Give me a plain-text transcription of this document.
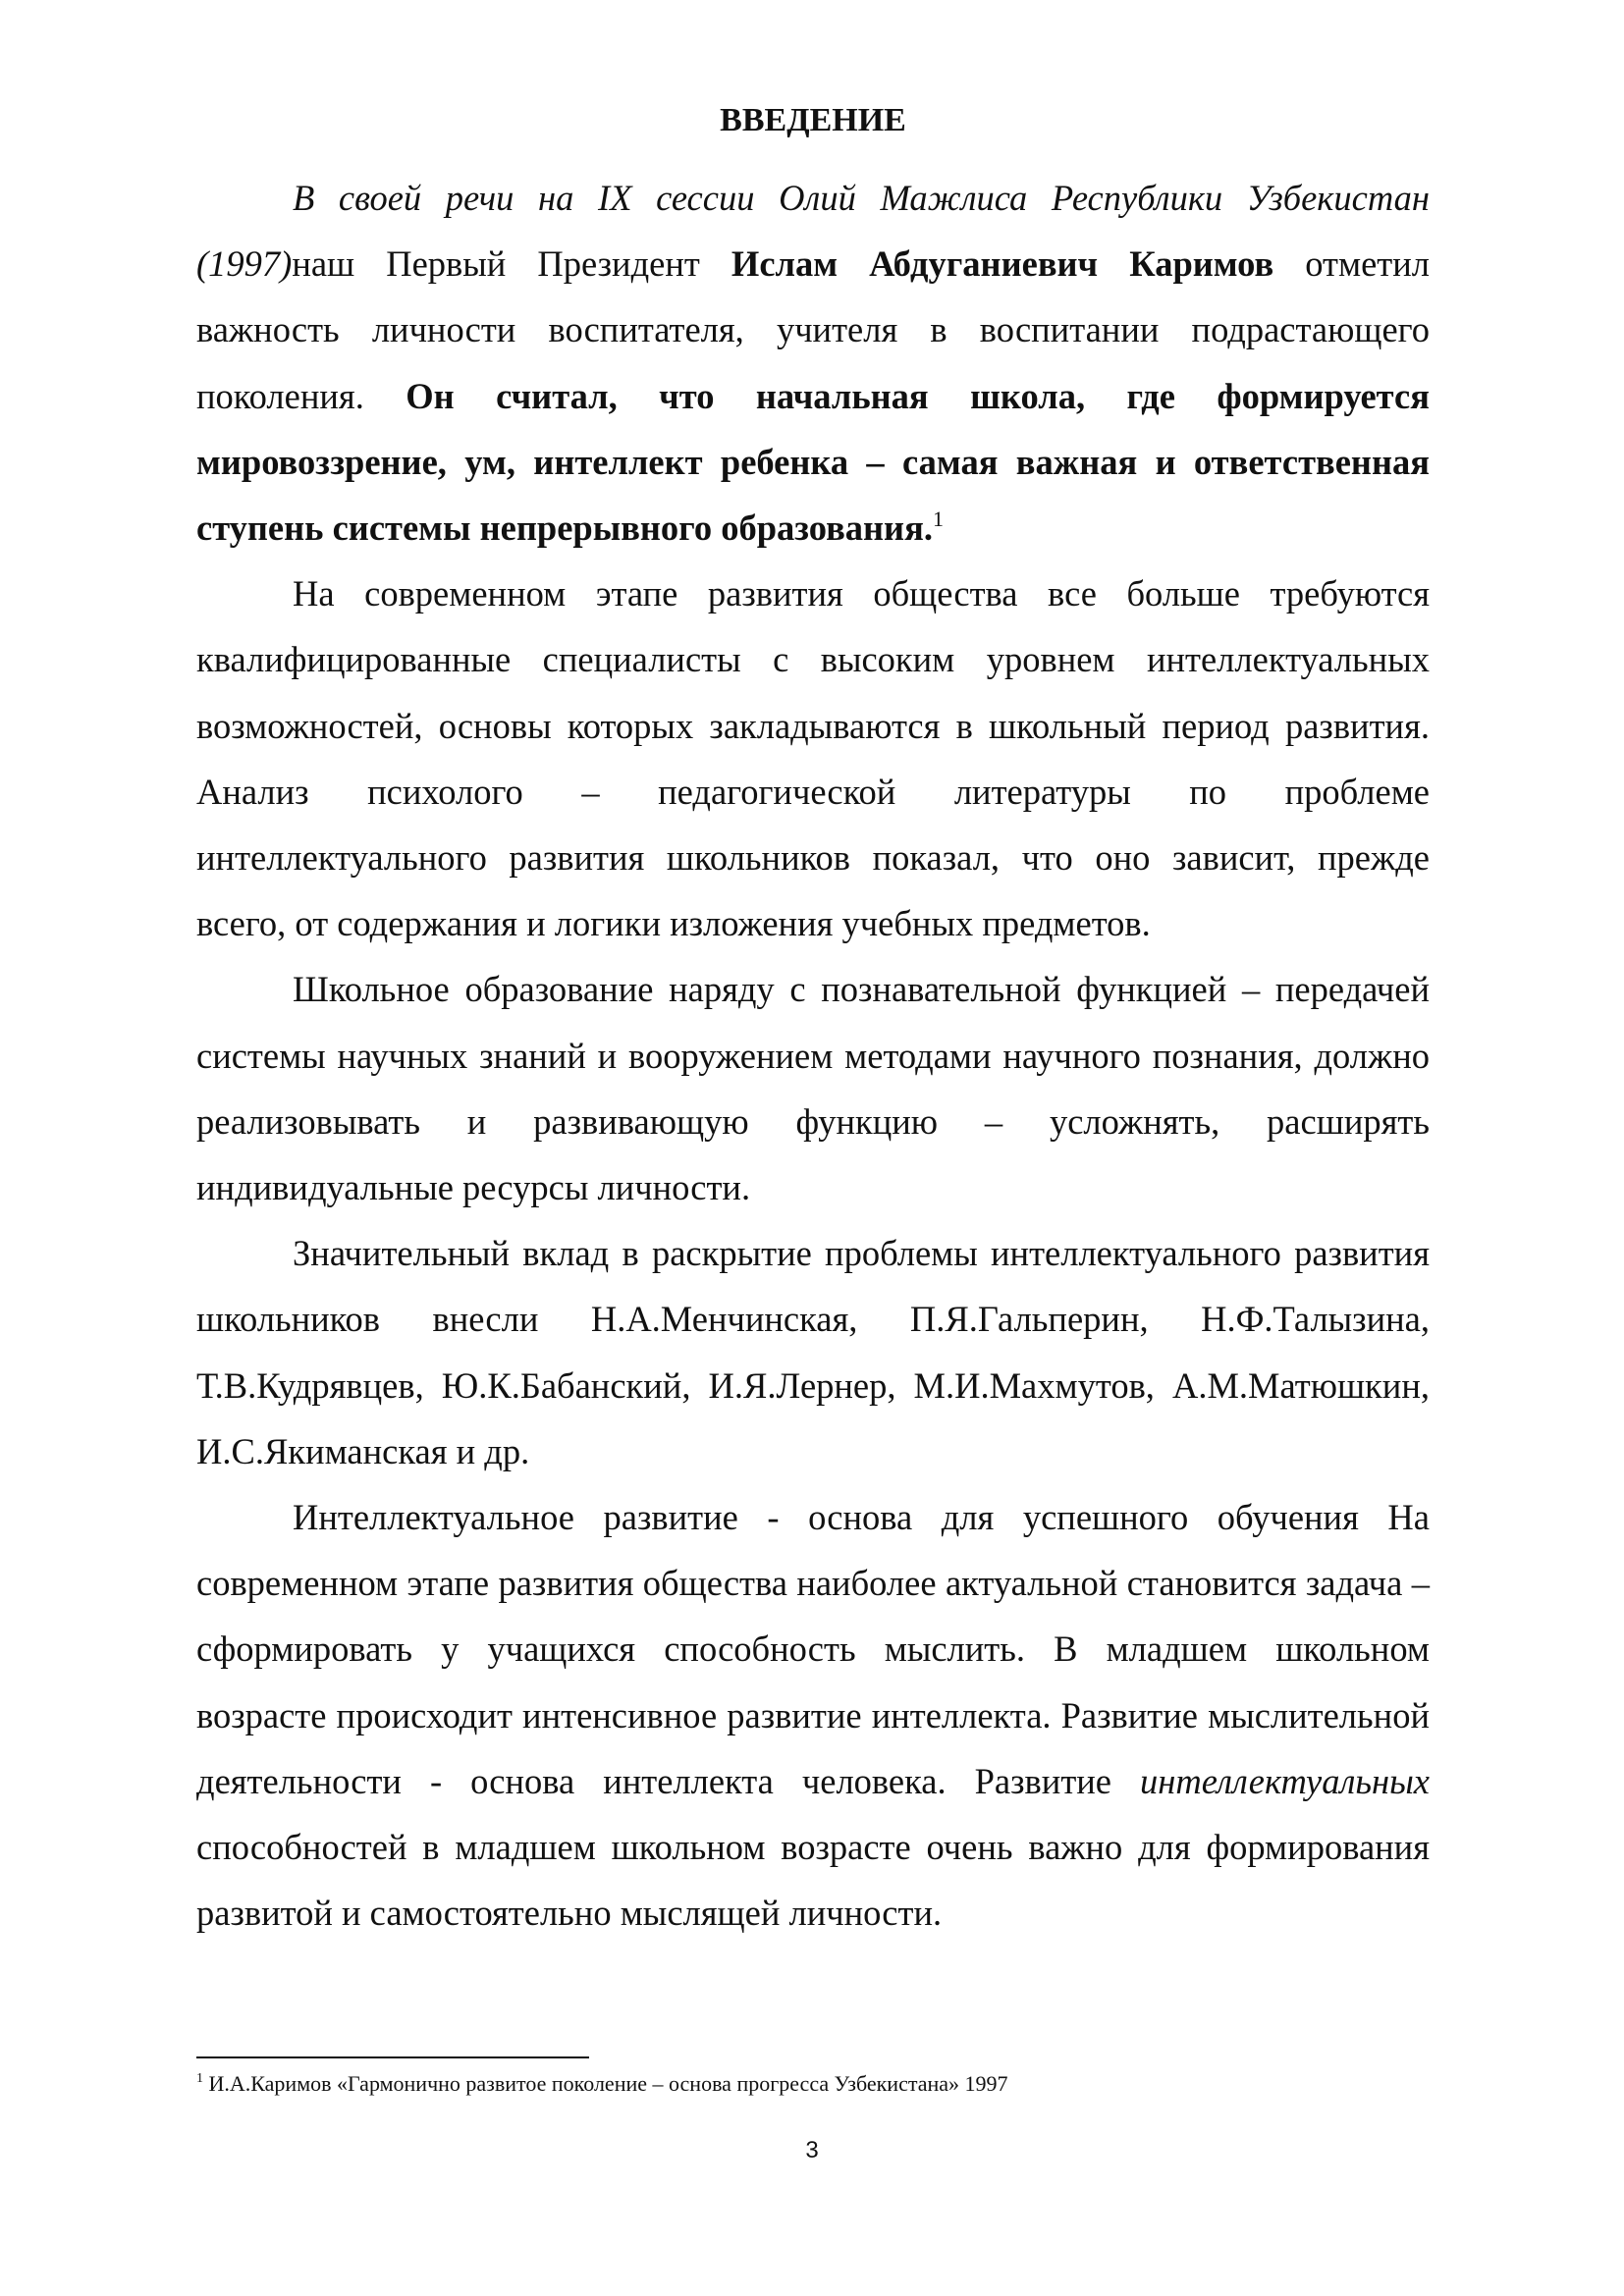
ВВЕДЕНИЕ

В своей речи на IX сессии Олий Мажлиса Республики Узбекистан (1997)наш Первый Президент Ислам Абдуганиевич Каримов отметил важность личности воспитателя, учителя в воспитании подрастающего поколения. Он считал, что начальная школа, где формируется мировоззрение, ум, интеллект ребенка – самая важная и ответственная ступень системы непрерывного образования.$^1$

На современном этапе развития общества все больше требуются квалифицированные специалисты с высоким уровнем интеллектуальных возможностей, основы которых закладываются в школьный период развития. Анализ психолого – педагогической литературы по проблеме интеллектуального развития школьников показал, что оно зависит, прежде всего, от содержания и логики изложения учебных предметов.

Школьное образование наряду с познавательной функцией – передачей системы научных знаний и вооружением методами научного познания, должно реализовывать и развивающую функцию – усложнять, расширять индивидуальные ресурсы личности.

Значительный вклад в раскрытие проблемы интеллектуального развития школьников внесли Н.А.Менчинская, П.Я.Гальперин, Н.Ф.Талызина, Т.В.Кудрявцев, Ю.К.Бабанский, И.Я.Лернер, М.И.Махмутов, А.М.Матюшкин, И.С.Якиманская и др.

Интеллектуальное развитие - основа для успешного обучения На современном этапе развития общества наиболее актуальной становится задача – сформировать у учащихся способность мыслить. В младшем школьном возрасте происходит интенсивное развитие интеллекта. Развитие мыслительной деятельности - основа интеллекта человека. Развитие интеллектуальных способностей в младшем школьном возрасте очень важно для формирования развитой и самостоятельно мыслящей личности.

$^1$ И.А.Каримов «Гармонично развитое поколение – основа прогресса Узбекистана» 1997
3
